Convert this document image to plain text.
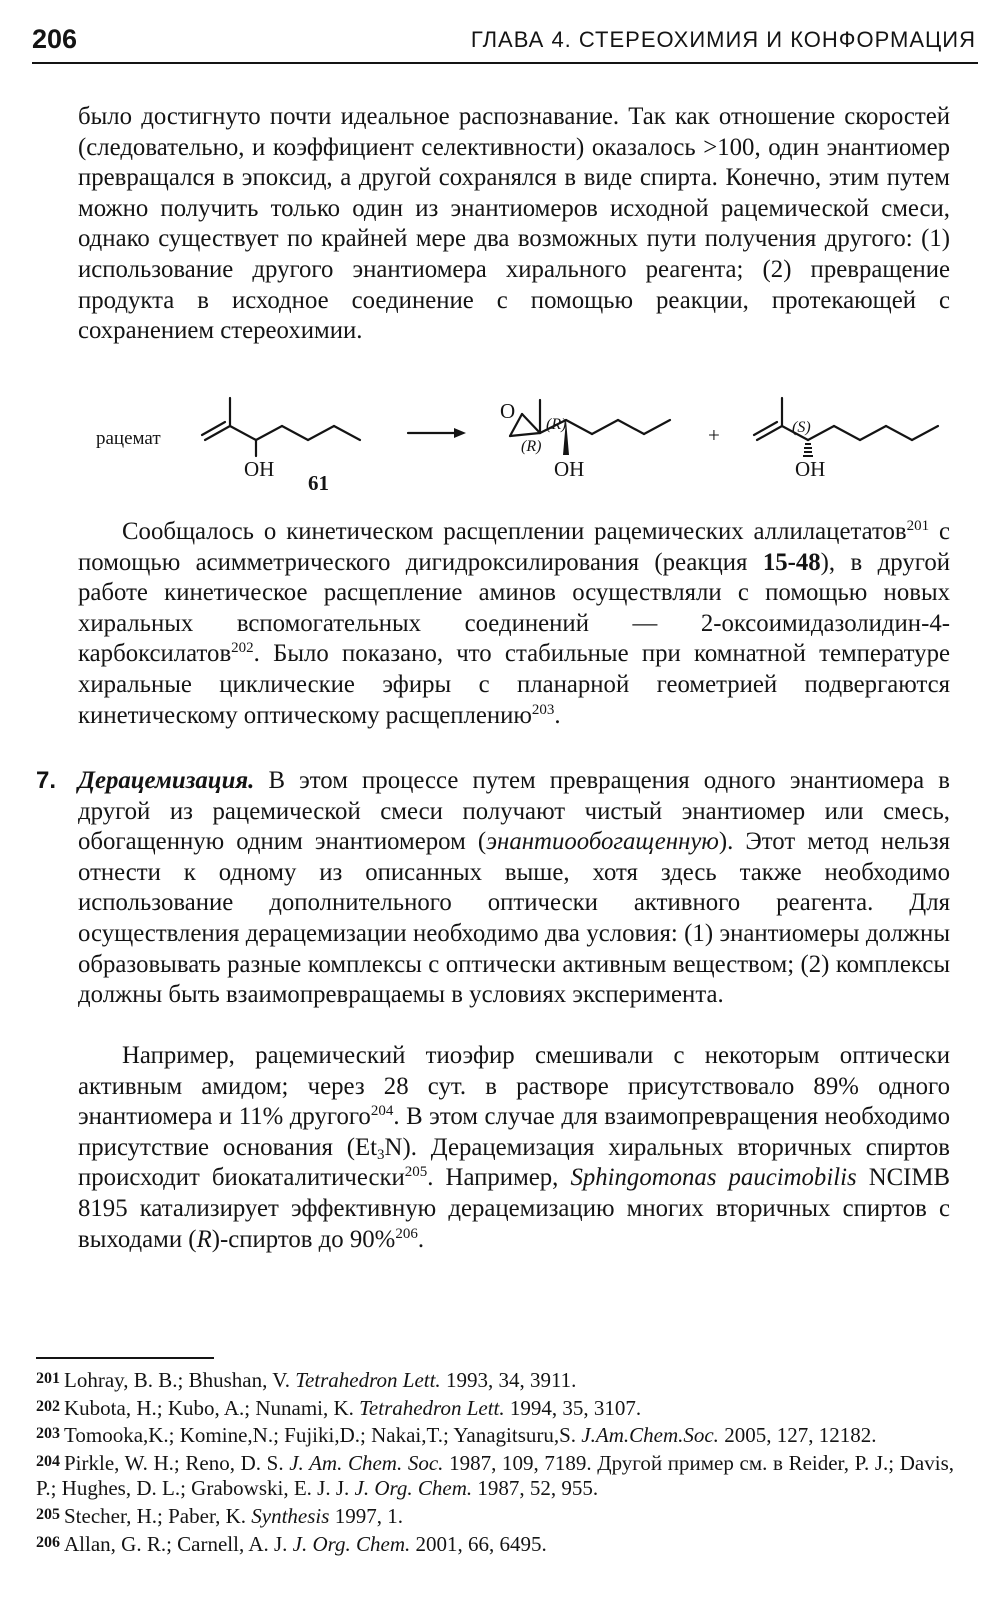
206	ГЛАВА 4. СТЕРЕОХИМИЯ И КОНФОРМАЦИЯ
было достигнуто почти идеальное распознавание. Так как отношение скоростей (следовательно, и коэффициент селективности) оказалось >100, один энантиомер превращался в эпоксид, а другой сохранялся в виде спирта. Конечно, этим путем можно получить только один из энантиомеров исходной рацемической смеси, однако существует по крайней мере два возможных пути получения другого: (1) использование другого энантиомера хирального реагента; (2) превращение продукта в исходное соединение с помощью реакции, протекающей с сохранением стереохимии.
рацемат
OH
61
O
(R)
(R)
OH
+	(S)
OH
Сообщалось о кинетическом расщеплении рацемических аллилацетатов$^{201}$ с помощью асимметрического дигидроксилирования (реакция 15-48), в другой работе кинетическое расщепление аминов осуществляли с помощью новых хиральных вспомогательных соединений — 2-оксоимидазолидин-4-карбоксилатов$^{202}$. Было показано, что стабильные при комнатной температуре хиральные циклические эфиры с планарной геометрией подвергаются кинетическому оптическому расщеплению$^{203}$.
7. Дерацемизация. В этом процессе путем превращения одного энантиомера в другой из рацемической смеси получают чистый энантиомер или смесь, обогащенную одним энантиомером (энантиообогащенную). Этот метод нельзя отнести к одному из описанных выше, хотя здесь также необходимо использование дополнительного оптически активного реагента. Для осуществления дерацемизации необходимо два условия: (1) энантиомеры должны образовывать разные комплексы с оптически активным веществом; (2) комплексы должны быть взаимопревращаемы в условиях эксперимента.
Например, рацемический тиоэфир смешивали с некоторым оптически активным амидом; через 28 сут. в растворе присутствовало 89% одного энантиомера и 11% другого$^{204}$. В этом случае для взаимопревращения необходимо присутствие основания $(Et_3N)$. Дерацемизация хиральных вторичных спиртов происходит биокаталитически$^{205}$. Например, Sphingomonas paucimobilis NCIMB 8195 катализирует эффективную дерацемизацию многих вторичных спиртов с выходами (R)-спиртов до 90%$^{206}$.
201 Lohray, B. B.; Bhushan, V. Tetrahedron Lett. 1993, 34, 3911.
202 Kubota, H.; Kubo, A.; Nunami, K. Tetrahedron Lett. 1994, 35, 3107.
203 Tomooka,K.; Komine,N.; Fujiki,D.; Nakai,T.; Yanagitsuru,S. J.Am.Chem.Soc. 2005, 127, 12182.
204 Pirkle, W. H.; Reno, D. S. J. Am. Chem. Soc. 1987, 109, 7189. Другой пример см. в Reider, P. J.; Davis, P.; Hughes, D. L.; Grabowski, E. J. J. J. Org. Chem. 1987, 52, 955.
205 Stecher, H.; Paber, K. Synthesis 1997, 1.
206 Allan, G. R.; Carnell, A. J. J. Org. Chem. 2001, 66, 6495.
